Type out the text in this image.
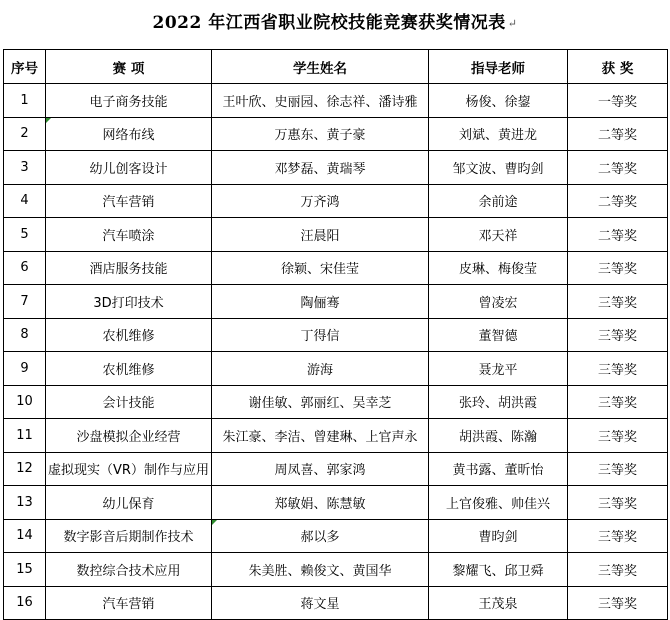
2022 年江西省职业院校技能竞赛获奖情况表 ↵
序号	赛 项	学生姓名	指导老师	获 奖
1	电子商务技能	王叶欣、史丽园、徐志祥、潘诗雅	杨俊、徐鋆	一等奖
2	网络布线	万惠东、黄子豪	刘斌、黄进龙	二等奖
3	幼儿创客设计	邓梦磊、黄瑞琴	邹文波、曹昀剑	二等奖
4	汽车营销	万齐鸿	余前途	二等奖
5	汽车喷涂	汪晨阳	邓天祥	二等奖
6	酒店服务技能	徐颖、宋佳莹	皮琳、梅俊莹	三等奖
7	3D打印技术	陶俪骞	曾凌宏	三等奖
8	农机维修	丁得信	董智德	三等奖
9	农机维修	游海	聂龙平	三等奖
10	会计技能	谢佳敏、郭丽红、吴幸芝	张玲、胡洪霞	三等奖
11	沙盘模拟企业经营	朱江豪、李洁、曾建琳、上官声永	胡洪霞、陈瀚	三等奖
12	虚拟现实（VR）制作与应用	周凤喜、郭家鸿	黄书露、董昕怡	三等奖
13	幼儿保育	郑敏娟、陈慧敏	上官俊雅、帅佳兴	三等奖
14	数字影音后期制作技术	郝以多	曹昀剑	三等奖
15	数控综合技术应用	朱美胜、赖俊文、黄国华	黎耀飞、邱卫舜	三等奖
16	汽车营销	蒋文星	王茂泉	三等奖
